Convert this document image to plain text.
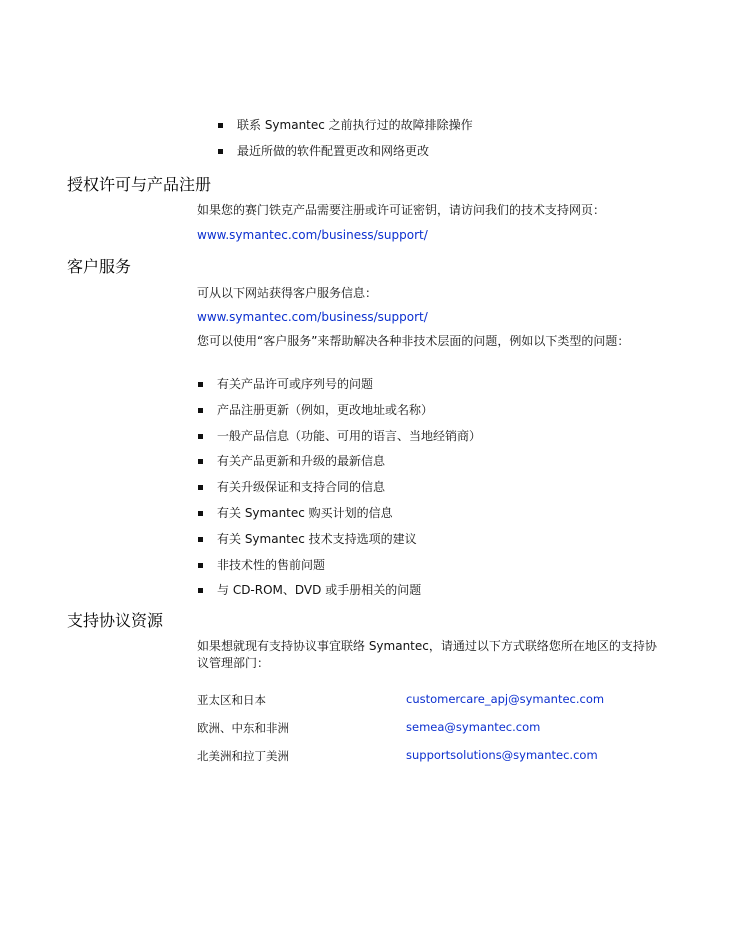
联系 Symantec 之前执行过的故障排除操作
最近所做的软件配置更改和网络更改
授权许可与产品注册

如果您的赛门铁克产品需要注册或许可证密钥，请访问我们的技术支持网页：

www.symantec.com/business/support/

客户服务

可从以下网站获得客户服务信息：

www.symantec.com/business/support/

您可以使用“客户服务”来帮助解决各种非技术层面的问题，例如以下类型的问题：

有关产品许可或序列号的问题
产品注册更新（例如，更改地址或名称）
一般产品信息（功能、可用的语言、当地经销商）
有关产品更新和升级的最新信息
有关升级保证和支持合同的信息
有关 Symantec 购买计划的信息
有关 Symantec 技术支持选项的建议
非技术性的售前问题
与 CD-ROM、DVD 或手册相关的问题
支持协议资源

如果想就现有支持协议事宜联络 Symantec，请通过以下方式联络您所在地区的支持协议管理部门：

亚太区和日本	customercare_apj@symantec.com
欧洲、中东和非洲	semea@symantec.com
北美洲和拉丁美洲	supportsolutions@symantec.com
